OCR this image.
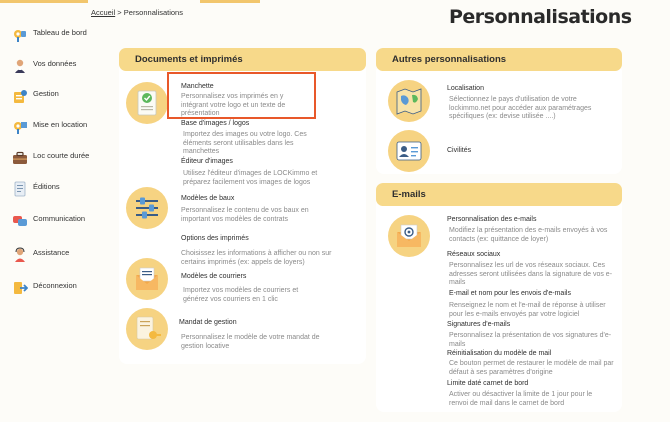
Tableau de bord
Vos données
Gestion
Mise en location
Loc courte durée
Éditions
Communication
Assistance
Déconnexion
Accueil > Personnalisations	Personnalisations
Documents et imprimés
Manchette
Personnalisez vos imprimés en y intégrant votre logo et un texte de présentation
Base d'images / logos
Importez des images ou votre logo. Ces éléments seront utilisables dans les manchettes
Éditeur d'images
Utilisez l'éditeur d'images de LOCKimmo et préparez facilement vos images de logos
Modèles de baux
Personnalisez le contenu de vos baux en important vos modèles de contrats
Options des imprimés
Choisissez les informations à afficher ou non sur certains imprimés (ex: appels de loyers)
Modèles de courriers
Importez vos modèles de courriers et générez vos courriers en 1 clic
Mandat de gestion
Personnalisez le modèle de votre mandat de gestion locative
Autres personnalisations
Localisation
Sélectionnez le pays d'utilisation de votre lockimmo.net pour accéder aux paramétrages spécifiques (ex: devise utilisée ....)
Civilités
E-mails
Personnalisation des e-mails
Modifiez la présentation des e-mails envoyés à vos contacts (ex: quittance de loyer)
Réseaux sociaux
Personnalisez les url de vos réseaux sociaux. Ces adresses seront utilisées dans la signature de vos e-mails
E-mail et nom pour les envois d'e-mails
Renseignez le nom et l'e-mail de réponse à utiliser pour les e-mails envoyés par votre logiciel
Signatures d'e-mails
Personnalisez la présentation de vos signatures d'e-mails
Réinitialisation du modèle de mail
Ce bouton permet de restaurer le modèle de mail par défaut à ses paramètres d'origine
Limite daté carnet de bord
Activer ou désactiver la limite de 1 jour pour le renvoi de mail dans le carnet de bord
